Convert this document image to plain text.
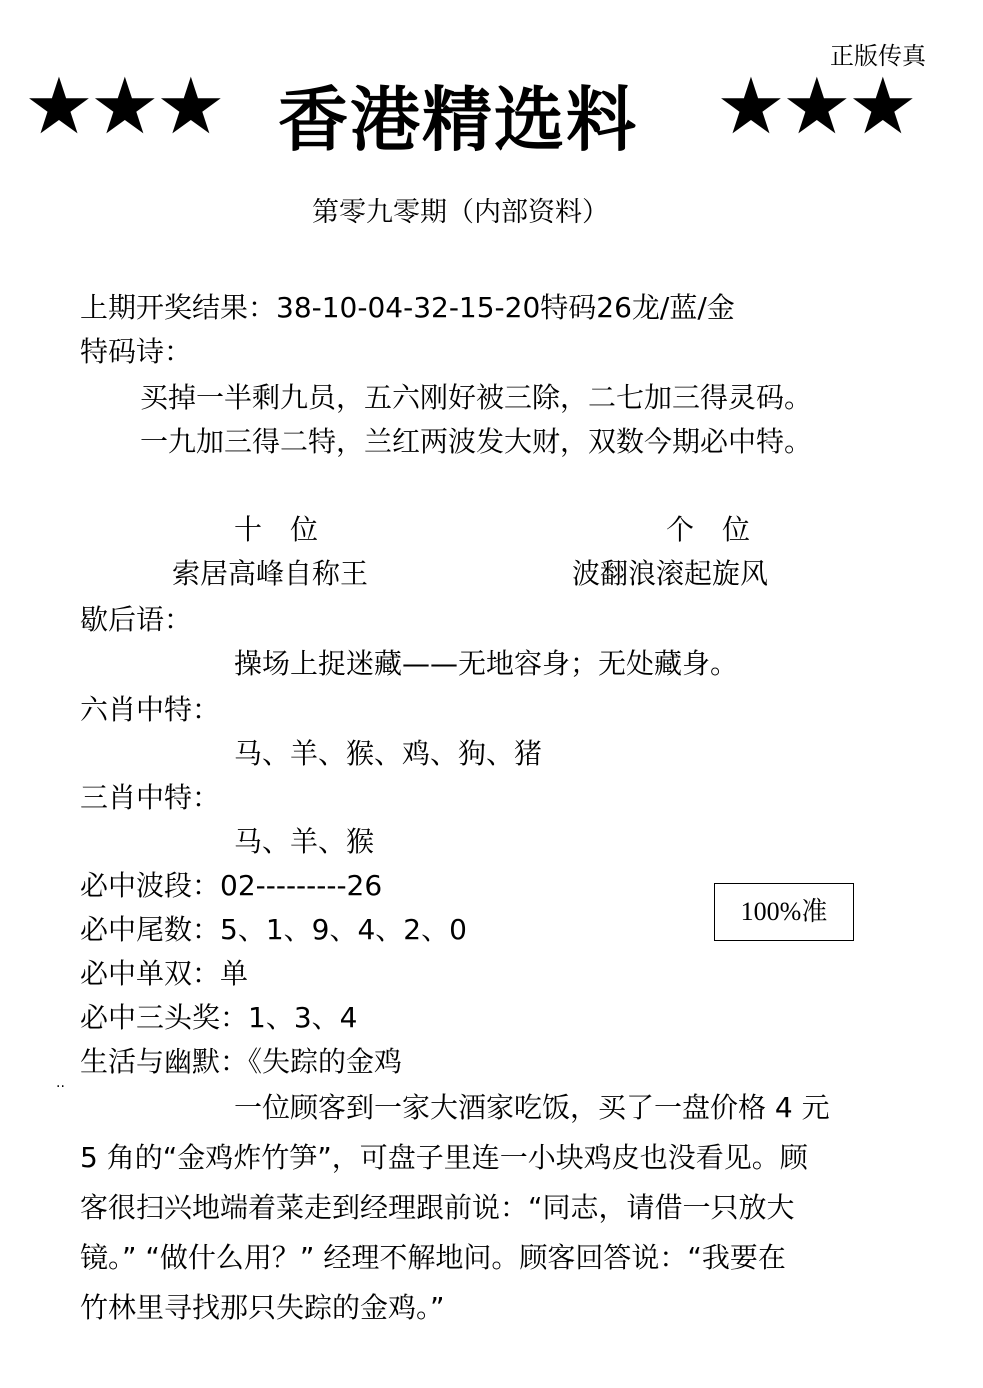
正版传真
★★★ 香港精选料 ★★★
第零九零期（内部资料）
上期开奖结果：38-10-04-32-15-20特码26龙/蓝/金
特码诗：
买掉一半剩九员，五六刚好被三除，二七加三得灵码。
一九加三得二特，兰红两波发大财，双数今期必中特。
十　位	个　位
索居高峰自称王	波翻浪滚起旋风
歇后语：
操场上捉迷藏——无地容身；无处藏身。
六肖中特：
马、羊、猴、鸡、狗、猪
三肖中特：
马、羊、猴
必中波段：02---------26
必中尾数：5、1、9、4、2、0
必中单双：单
必中三头奖：1、3、4
100%准
生活与幽默：《失踪的金鸡
..
一位顾客到一家大酒家吃饭，买了一盘价格 4 元
5 角的“金鸡炸竹笋”，可盘子里连一小块鸡皮也没看见。顾
客很扫兴地端着菜走到经理跟前说：“同志，请借一只放大
镜。” “做什么用？” 经理不解地问。顾客回答说：“我要在
竹林里寻找那只失踪的金鸡。”
